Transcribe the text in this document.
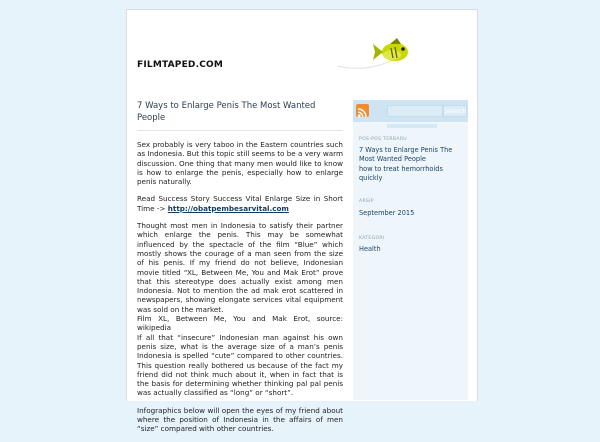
FILMTAPED.COM
7 Ways to Enlarge Penis The Most Wanted People

Sex probably is very taboo in the Eastern countries such as Indonesia. But this topic still seems to be a very warm discussion. One thing that many men would like to know is how to enlarge the penis, especially how to enlarge penis naturally.

Read Success Story Success Vital Enlarge Size in Short Time -> http://obatpembesarvital.com

Thought most men in Indonesia to satisfy their partner which enlarge the penis. This may be somewhat influenced by the spectacle of the film “Blue” which mostly shows the courage of a man seen from the size of his penis. If my friend do not believe, Indonesian movie titled “XL, Between Me, You and Mak Erot” prove that this stereotype does actually exist among men Indonesia. Not to mention the ad mak erot scattered in newspapers, showing elongate services vital equipment was sold on the market.

Film XL, Between Me, You and Mak Erot, source: wikipedia

If all that “insecure” Indonesian man against his own penis size, what is the average size of a man’s penis Indonesia is spelled “cute” compared to other countries. This question really bothered us because of the fact my friend did not think much about it, when in fact that is the basis for determining whether thinking pal pal penis was actually classified as “long” or “short”.

Infographics below will open the eyes of my friend about where the position of Indonesia in the affairs of men “size” compared with other countries.

Search
POS-POS TERBARU
7 Ways to Enlarge Penis The Most Wanted People
how to treat hemorrhoids quickly
ARSIP
September 2015
KATEGORI
Health
